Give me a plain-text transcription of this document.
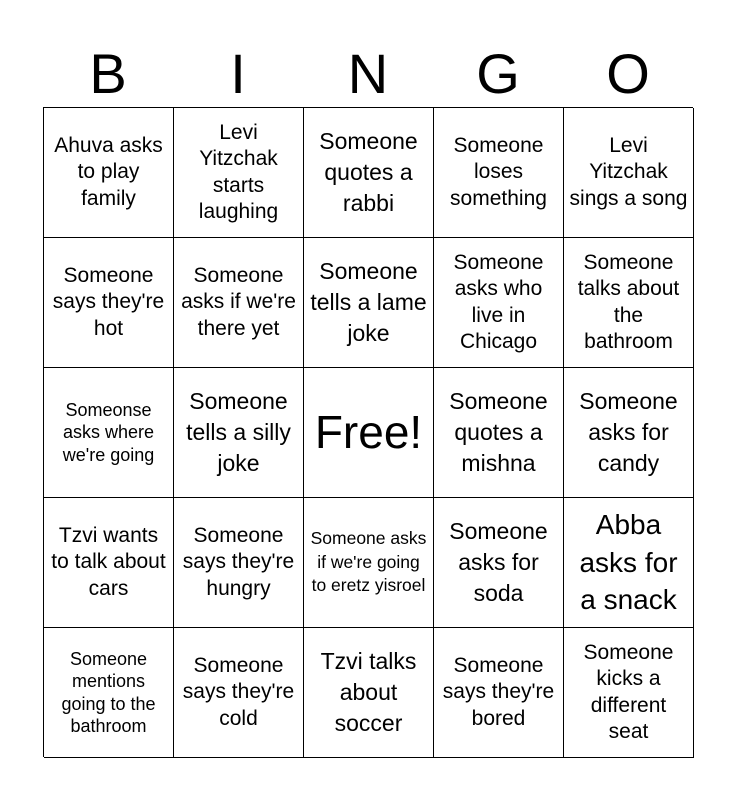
B	I	N	G	O
Ahuva asks to play family
Levi Yitzchak starts laughing
Someone quotes a rabbi
Someone loses something
Levi Yitzchak sings a song
Someone says they're hot
Someone asks if we're there yet
Someone tells a lame joke
Someone asks who live in Chicago
Someone talks about the bathroom
Someonse asks where we're going
Someone tells a silly joke
Free!
Someone quotes a mishna
Someone asks for candy
Tzvi wants to talk about cars
Someone says they're hungry
Someone asks if we're going to eretz yisroel
Someone asks for soda
Abba asks for a snack
Someone mentions going to the bathroom
Someone says they're cold
Tzvi talks about soccer
Someone says they're bored
Someone kicks a different seat
